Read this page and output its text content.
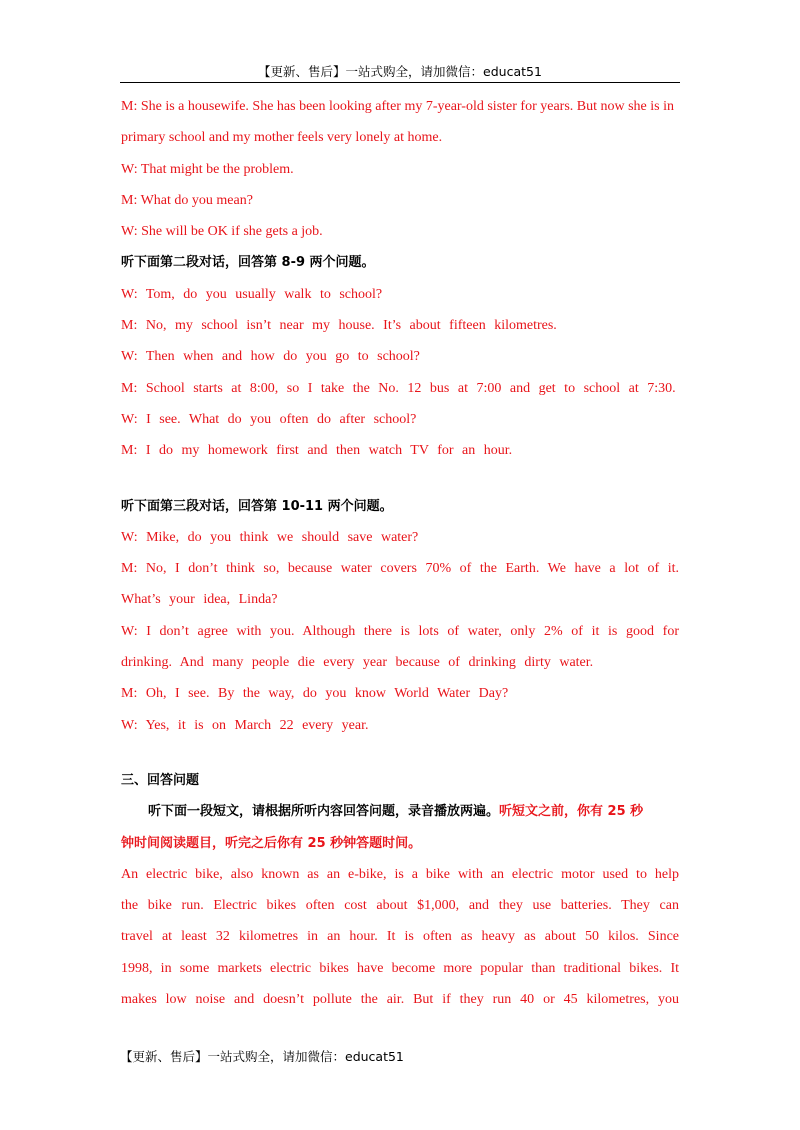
【更新、售后】一站式购全，请加微信：educat51
M: She is a housewife. She has been looking after my 7-year-old sister for years. But now she is in
primary school and my mother feels very lonely at home.
W: That might be the problem.
M: What do you mean?
W: She will be OK if she gets a job.
听下面第二段对话，回答第 8-9 两个问题。
W: Tom, do you usually walk to school?
M: No, my school isn’t near my house. It’s about fifteen kilometres.
W: Then when and how do you go to school?
M: School starts at 8:00, so I take the No. 12 bus at 7:00 and get to school at 7:30.
W: I see. What do you often do after school?
M: I do my homework first and then watch TV for an hour.
听下面第三段对话，回答第 10-11 两个问题。
W: Mike, do you think we should save water?
M: No, I don’t think so, because water covers 70% of the Earth. We have a lot of it.
What’s your idea, Linda?
W: I don’t agree with you. Although there is lots of water, only 2% of it is good for
drinking. And many people die every year because of drinking dirty water.
M: Oh, I see. By the way, do you know World Water Day?
W: Yes, it is on March 22 every year.
三、回答问题
听下面一段短文，请根据所听内容回答问题，录音播放两遍。听短文之前，你有 25 秒
钟时间阅读题目，听完之后你有 25 秒钟答题时间。
An electric bike, also known as an e-bike, is a bike with an electric motor used to help
the bike run. Electric bikes often cost about $1,000, and they use batteries. They can
travel at least 32 kilometres in an hour. It is often as heavy as about 50 kilos. Since
1998, in some markets electric bikes have become more popular than traditional bikes. It
makes low noise and doesn’t pollute the air. But if they run 40 or 45 kilometres, you
【更新、售后】一站式购全，请加微信：educat51
